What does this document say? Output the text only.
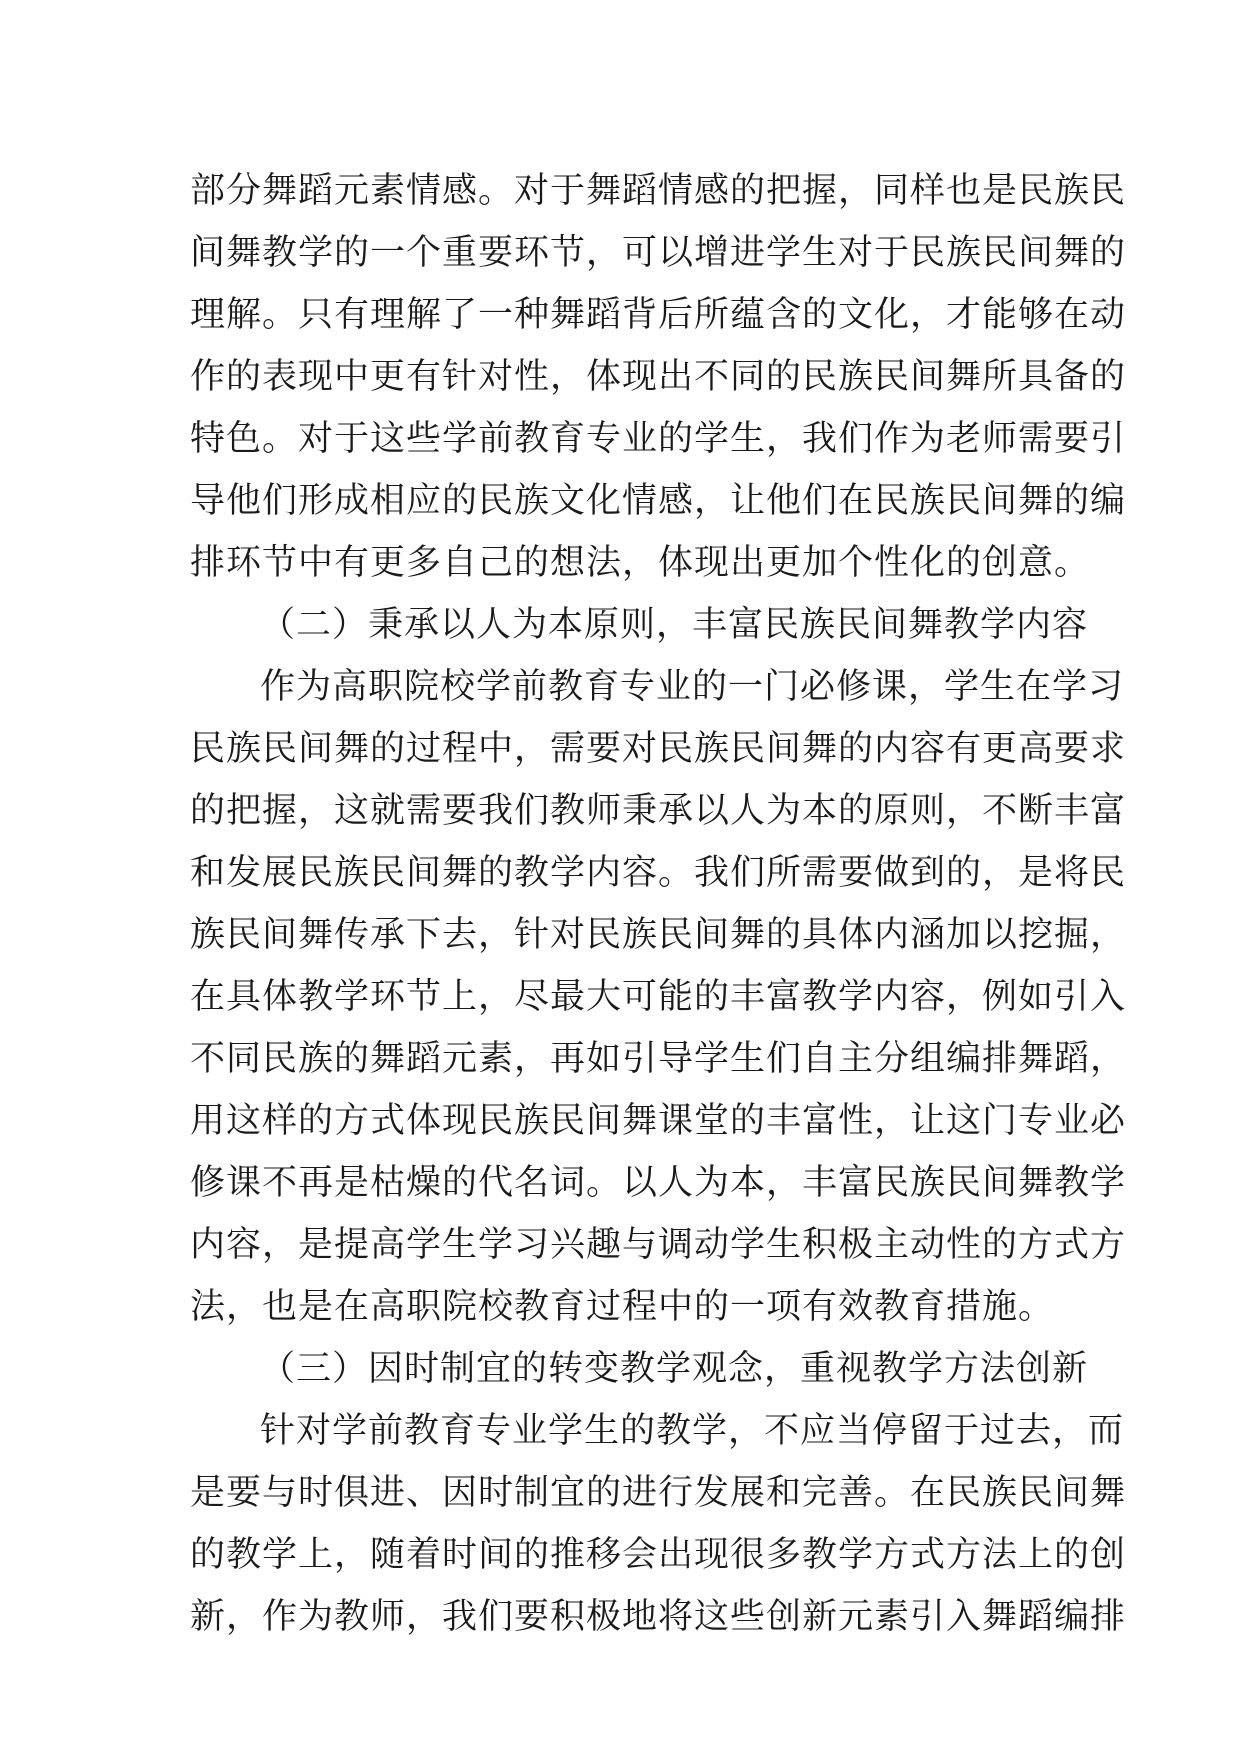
部分舞蹈元素情感。对于舞蹈情感的把握，同样也是民族民
间舞教学的一个重要环节，可以增进学生对于民族民间舞的
理解。只有理解了一种舞蹈背后所蕴含的文化，才能够在动
作的表现中更有针对性，体现出不同的民族民间舞所具备的
特色。对于这些学前教育专业的学生，我们作为老师需要引
导他们形成相应的民族文化情感，让他们在民族民间舞的编
排环节中有更多自己的想法，体现出更加个性化的创意。
（二）秉承以人为本原则，丰富民族民间舞教学内容
作为高职院校学前教育专业的一门必修课，学生在学习
民族民间舞的过程中，需要对民族民间舞的内容有更高要求
的把握，这就需要我们教师秉承以人为本的原则，不断丰富
和发展民族民间舞的教学内容。我们所需要做到的，是将民
族民间舞传承下去，针对民族民间舞的具体内涵加以挖掘，
在具体教学环节上，尽最大可能的丰富教学内容，例如引入
不同民族的舞蹈元素，再如引导学生们自主分组编排舞蹈，
用这样的方式体现民族民间舞课堂的丰富性，让这门专业必
修课不再是枯燥的代名词。以人为本，丰富民族民间舞教学
内容，是提高学生学习兴趣与调动学生积极主动性的方式方
法，也是在高职院校教育过程中的一项有效教育措施。
（三）因时制宜的转变教学观念，重视教学方法创新
针对学前教育专业学生的教学，不应当停留于过去，而
是要与时俱进、因时制宜的进行发展和完善。在民族民间舞
的教学上，随着时间的推移会出现很多教学方式方法上的创
新，作为教师，我们要积极地将这些创新元素引入舞蹈编排
